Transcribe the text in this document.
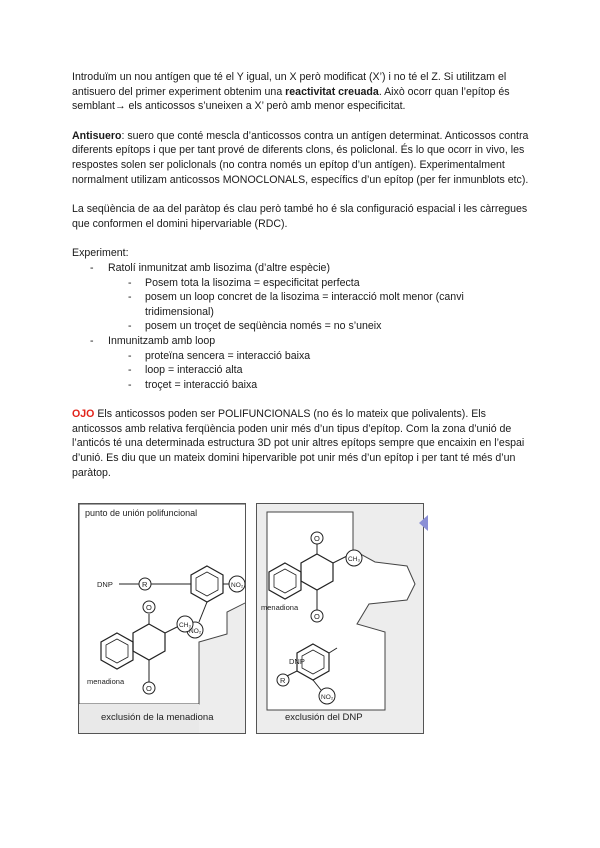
Introduïm un nou antígen que té el Y igual, un X però modificat (X’) i no té el Z. Si utilitzam el antisuero del primer experiment obtenim una reactivitat creuada. Això ocorr quan l’epítop és semblant→ els anticossos s’uneixen a X’ però amb menor especificitat.

Antisuero: suero que conté mescla d’anticossos contra un antígen determinat. Anticossos contra diferents epítops i que per tant prové de diferents clons, és policlonal. És lo que ocorr in vivo, les respostes solen ser policlonals (no contra només un epítop d’un antígen). Experimentalment normalment utilizam anticossos MONOCLONALS, específics d’un epítop (per fer inmunblots etc).

La seqüència de aa del paràtop és clau però també ho é sla configuració espacial i les càrregues que conformen el domini hipervariable (RDC).

Experiment:

- Ratolí inmunitzat amb lisozima (d’altre espècie)
- Posem tota la lisozima = especificitat perfecta
- posem un loop concret de la lisozima = interacció molt menor (canvi tridimensional)
- posem un troçet de seqüència només = no s’uneix
- Inmunitzamb amb loop
- proteïna sencera = interacció baixa
- loop = interacció alta
- troçet = interacció baixa

OJO Els anticossos poden ser POLIFUNCIONALS (no és lo mateix que polivalents). Els anticossos amb relativa ferqüència poden unir més d’un tipus d’epítop. Com la zona d’unió de l’anticós té una determinada estructura 3D pot unir altres epítops sempre que encaixin en l’espai d’unió. Es diu que un mateix domini hipervarible pot unir més d’un epítop i per tant té més d’un paràtop.

punto de unión polifuncional
DNP	R	NO₂
NO₂
O
CH₃
menadiona
O
exclusión de la menadiona
O
CH₃
menadiona
O
DNP
R
NO₂
exclusión del DNP
